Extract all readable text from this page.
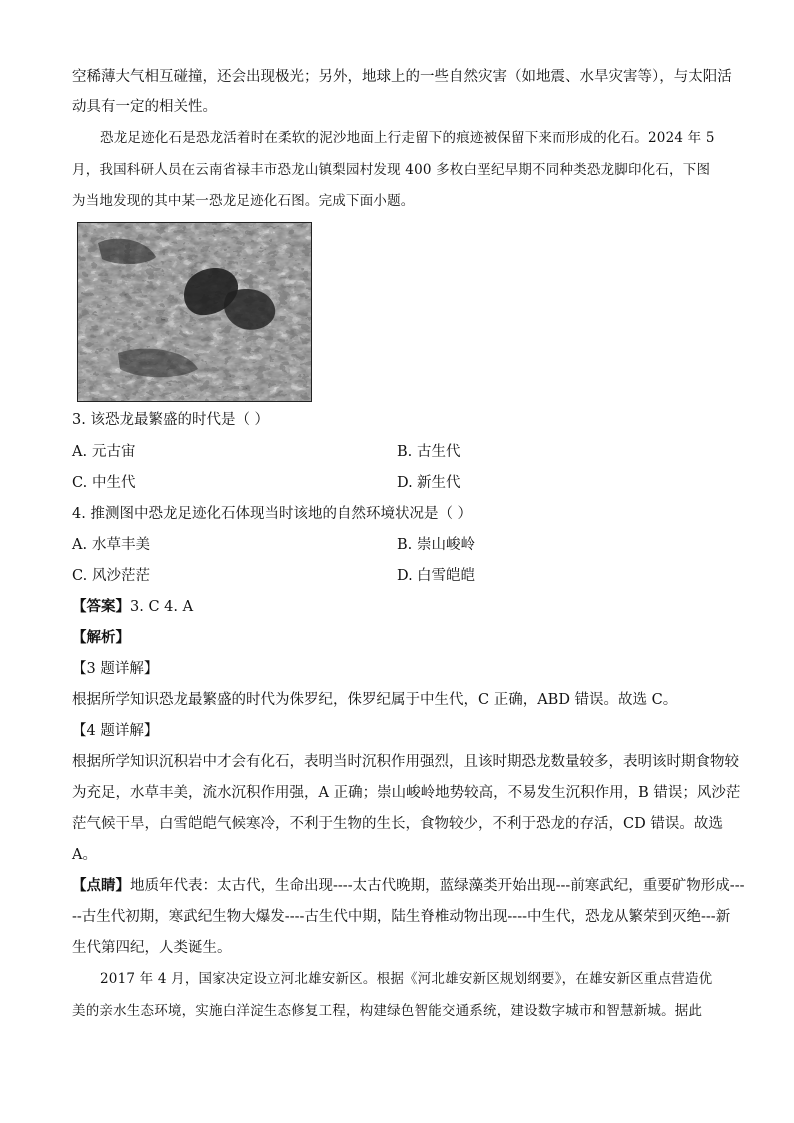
空稀薄大气相互碰撞，还会出现极光；另外，地球上的一些自然灾害（如地震、水旱灾害等），与太阳活
动具有一定的相关性。
恐龙足迹化石是恐龙活着时在柔软的泥沙地面上行走留下的痕迹被保留下来而形成的化石。2024 年 5
月，我国科研人员在云南省禄丰市恐龙山镇梨园村发现 400 多枚白垩纪早期不同种类恐龙脚印化石，下图
为当地发现的其中某一恐龙足迹化石图。完成下面小题。
3. 该恐龙最繁盛的时代是（ ）
A. 元古宙	B. 古生代
C. 中生代	D. 新生代
4. 推测图中恐龙足迹化石体现当时该地的自然环境状况是（ ）
A. 水草丰美	B. 崇山峻岭
C. 风沙茫茫	D. 白雪皑皑
【答案】3. C 4. A
【解析】
【3 题详解】
根据所学知识恐龙最繁盛的时代为侏罗纪，侏罗纪属于中生代，C 正确，ABD 错误。故选 C。
【4 题详解】
根据所学知识沉积岩中才会有化石，表明当时沉积作用强烈，且该时期恐龙数量较多，表明该时期食物较
为充足，水草丰美，流水沉积作用强，A 正确；崇山峻岭地势较高，不易发生沉积作用，B 错误；风沙茫
茫气候干旱，白雪皑皑气候寒冷，不利于生物的生长，食物较少，不利于恐龙的存活，CD 错误。故选
A。
【点睛】地质年代表：太古代，生命出现----太古代晚期，蓝绿藻类开始出现---前寒武纪，重要矿物形成---
--古生代初期，寒武纪生物大爆发----古生代中期，陆生脊椎动物出现----中生代，恐龙从繁荣到灭绝---新
生代第四纪，人类诞生。
2017 年 4 月，国家决定设立河北雄安新区。根据《河北雄安新区规划纲要》，在雄安新区重点营造优
美的亲水生态环境，实施白洋淀生态修复工程，构建绿色智能交通系统，建设数字城市和智慧新城。据此
